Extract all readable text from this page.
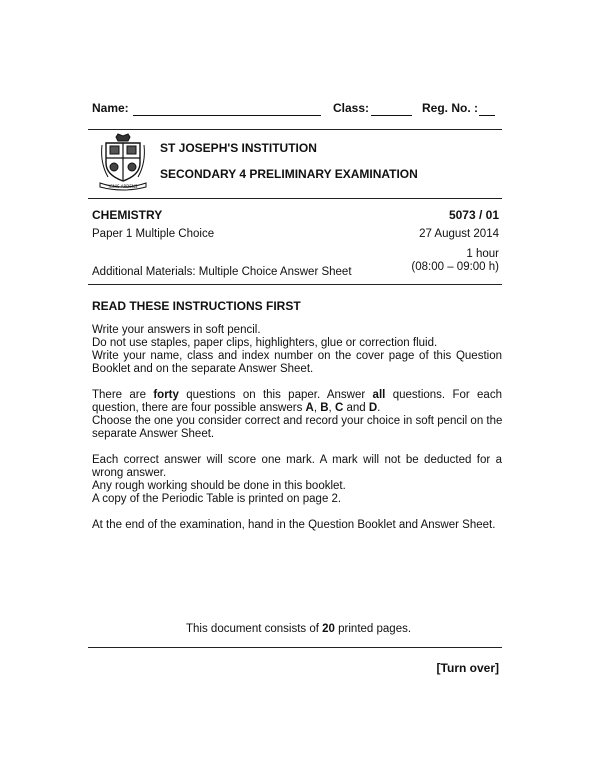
Name:	Class:	Reg. No. :
IGNIS ARDENS
ST JOSEPH'S INSTITUTION
SECONDARY 4 PRELIMINARY EXAMINATION
CHEMISTRY	5073 / 01
Paper 1 Multiple Choice	27 August 2014
1 hour
(08:00 – 09:00 h)
Additional Materials: Multiple Choice Answer Sheet
READ THESE INSTRUCTIONS FIRST
Write your answers in soft pencil.
Do not use staples, paper clips, highlighters, glue or correction fluid.
Write your name, class and index number on the cover page of this Question
Booklet and on the separate Answer Sheet.
There are forty questions on this paper. Answer all questions. For each
question, there are four possible answers A, B, C and D.
Choose the one you consider correct and record your choice in soft pencil on the
separate Answer Sheet.
Each correct answer will score one mark. A mark will not be deducted for a
wrong answer.
Any rough working should be done in this booklet.
A copy of the Periodic Table is printed on page 2.
At the end of the examination, hand in the Question Booklet and Answer Sheet.
This document consists of 20 printed pages.
[Turn over]
